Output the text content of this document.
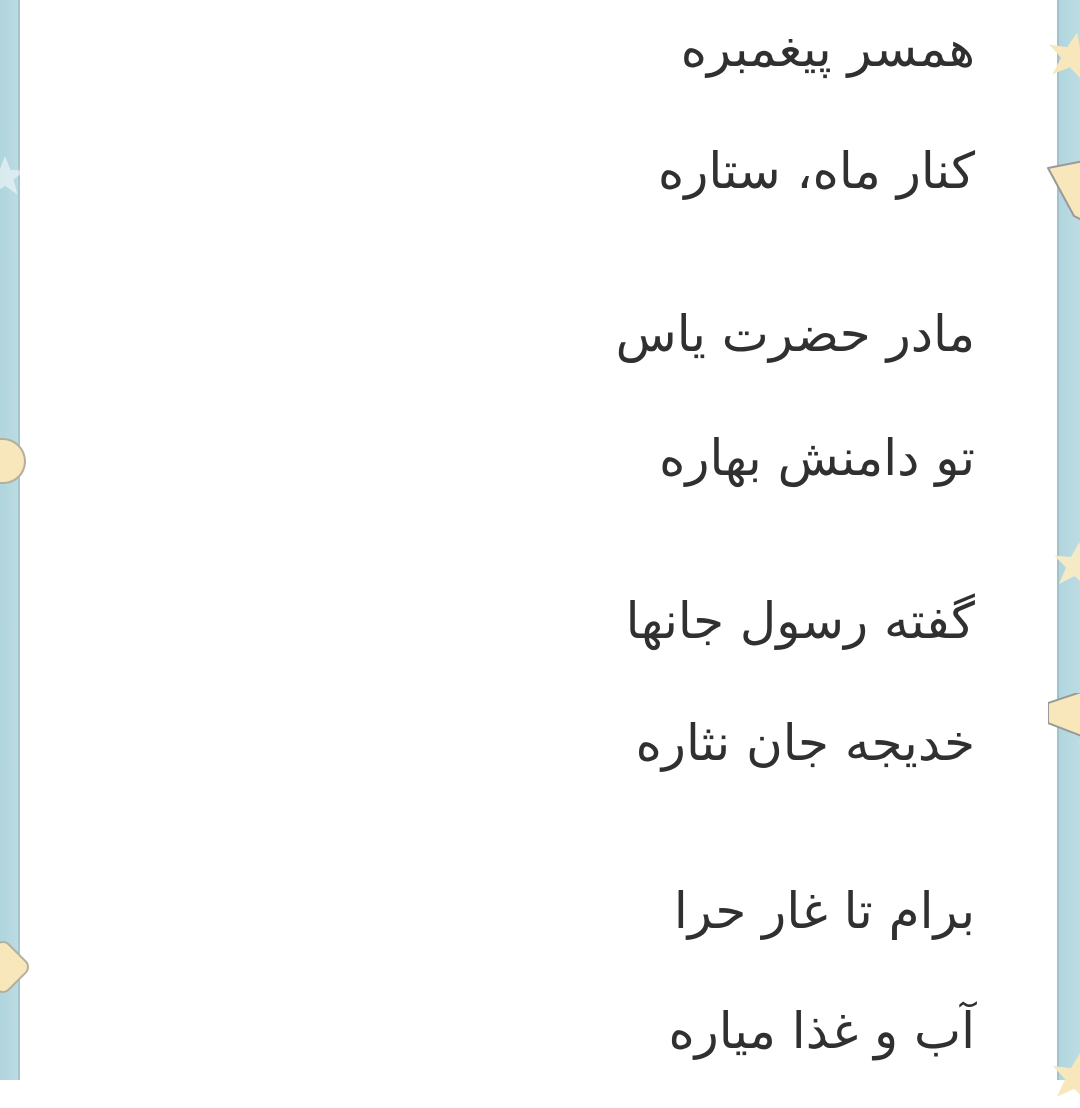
همسر پیغمبره
کنار ماه، ستاره
مادر حضرت یاس
تو دامنش بهاره
گفته رسول جانها
خدیجه جان نثاره
برام تا غار حرا
آب و غذا میاره
